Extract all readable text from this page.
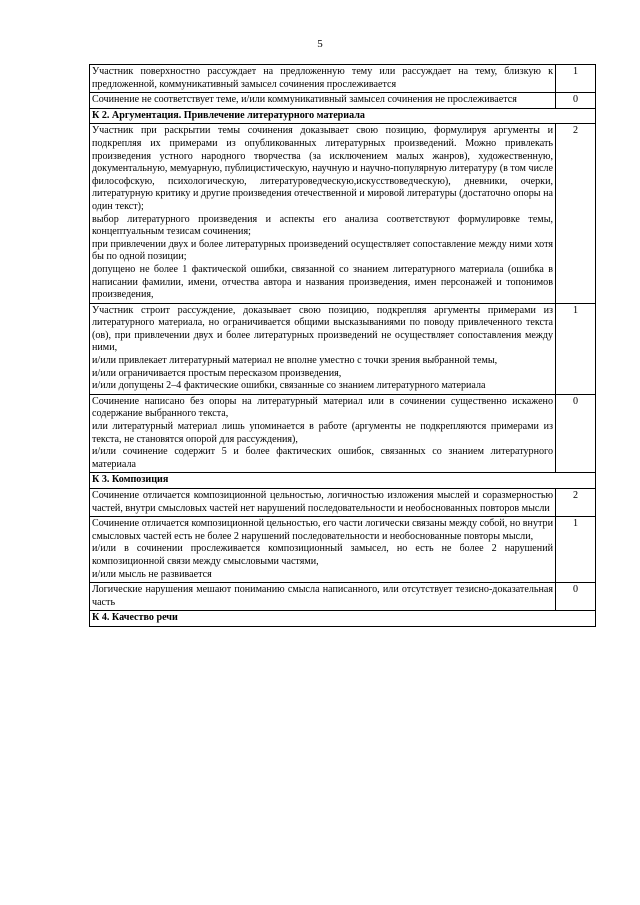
5
Участник поверхностно рассуждает на предложенную тему или рассуждает на тему, близкую к предложенной, коммуникативный замысел сочинения прослеживается	1

Сочинение не соответствует теме, и/или коммуникативный замысел сочинения не прослеживается	0
К 2. Аргументация. Привлечение литературного материала	

Участник при раскрытии темы сочинения доказывает свою позицию, формулируя аргументы и подкрепляя их примерами из опубликованных литературных произведений. Можно привлекать произведения устного народного творчества (за исключением малых жанров), художественную, документальную, мемуарную, публицистическую, научную и научно-популярную литературу (в том числе философскую, психологическую, литературоведческую,искусствоведческую), дневники, очерки, литературную критику и другие произведения отечественной и мировой литературы (достаточно опоры на один текст);
выбор литературного произведения и аспекты его анализа соответствуют формулировке темы, концептуальным тезисам сочинения;
при привлечении двух и более литературных произведений осуществляет сопоставление между ними хотя бы по одной позиции;
допущено не более 1 фактической ошибки, связанной со знанием литературного материала (ошибка в написании фамилии, имени, отчества автора и названия произведения, имен персонажей и топонимов произведения,	2

Участник строит рассуждение, доказывает свою позицию, подкрепляя аргументы примерами из литературного материала, но ограничивается общими высказываниями по поводу привлеченного текста (ов), при привлечении двух и более литературных произведений не осуществляет сопоставления между ними,
и/или привлекает литературный материал не вполне уместно с точки зрения выбранной темы,
и/или ограничивается простым пересказом произведения,
и/или допущены 2–4 фактические ошибки, связанные со знанием литературного материала	1

Сочинение написано без опоры на литературный материал или в сочинении существенно искажено содержание выбранного текста,
или литературный материал лишь упоминается в работе (аргументы не подкрепляются примерами из текста, не становятся опорой для рассуждения),
и/или сочинение содержит 5 и более фактических ошибок, связанных со знанием литературного материала	0
К 3. Композиция	

Сочинение отличается композиционной цельностью, логичностью изложения мыслей и соразмерностью частей, внутри смысловых частей нет нарушений последовательности и необоснованных повторов мысли	2

Сочинение отличается композиционной цельностью, его части логически связаны между собой, но внутри смысловых частей есть не более 2 нарушений последовательности и необоснованные повторы мысли,
и/или в сочинении прослеживается композиционный замысел, но есть не более 2 нарушений композиционной связи между смысловыми частями,
и/или мысль не развивается	1

Логические нарушения мешают пониманию смысла написанного, или отсутствует тезисно-доказательная часть	0
К 4. Качество речи	
